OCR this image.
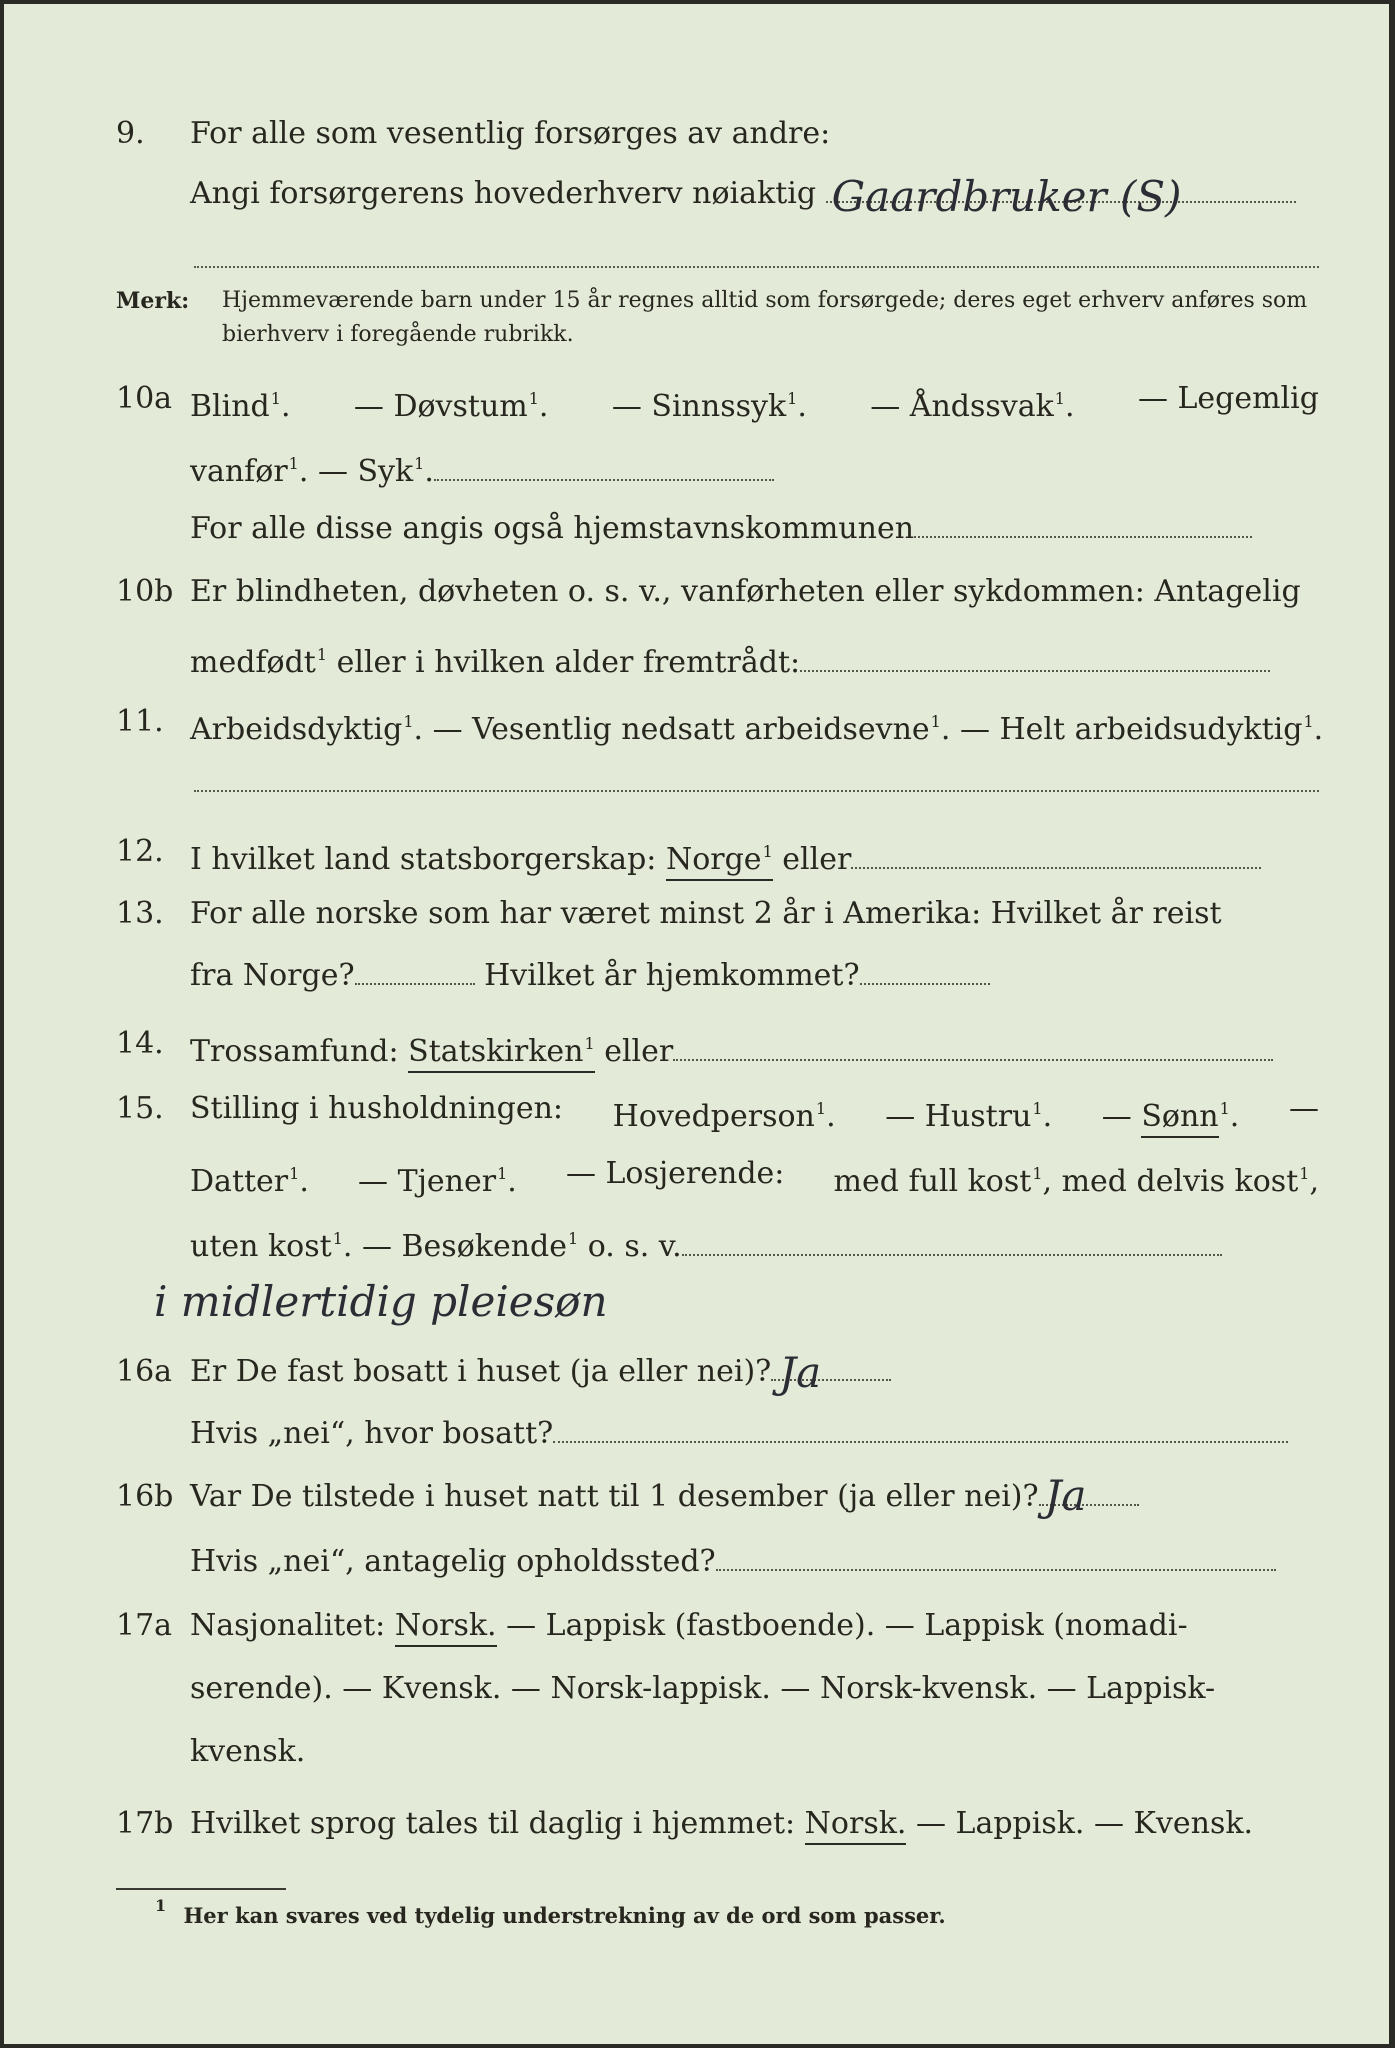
9. For alle som vesentlig forsørges av andre:
Angi forsørgerens hovederhverv nøiaktig Gaardbruker (S)
Merk: Hjemmeværende barn under 15 år regnes alltid som forsørgede; deres eget erhverv anføres som bierhverv i foregående rubrikk.
10a Blind$^1$. — Døvstum$^1$. — Sinnssyk$^1$. — Åndssvak$^1$. — Legemlig
vanfør$^1$. — Syk$^1$.
For alle disse angis også hjemstavnskommunen
10b Er blindheten, døvheten o. s. v., vanførheten eller sykdommen: Antagelig
medfødt$^1$ eller i hvilken alder fremtrådt:
11. Arbeidsdyktig$^1$. — Vesentlig nedsatt arbeidsevne$^1$. — Helt arbeidsudyktig$^1$.
12. I hvilket land statsborgerskap: Norge$^1$ eller
13. For alle norske som har været minst 2 år i Amerika: Hvilket år reist
fra Norge?	Hvilket år hjemkommet?
14. Trossamfund: Statskirken$^1$ eller
15. Stilling i husholdningen: Hovedperson$^1$. — Hustru$^1$. — Sønn$^1$. —
Datter$^1$. — Tjener$^1$. — Losjerende: med full kost$^1$, med delvis kost$^1$,
uten kost$^1$. — Besøkende$^1$ o. s. v.
i midlertidig pleiesøn
16a Er De fast bosatt i huset (ja eller nei)? Ja
Hvis „nei“, hvor bosatt?
16b Var De tilstede i huset natt til 1 desember (ja eller nei)? Ja
Hvis „nei“, antagelig opholdssted?
17a Nasjonalitet: Norsk. — Lappisk (fastboende). — Lappisk (nomadi-
serende). — Kvensk. — Norsk-lappisk. — Norsk-kvensk. — Lappisk-
kvensk.
17b Hvilket sprog tales til daglig i hjemmet: Norsk. — Lappisk. — Kvensk.
$^1$ Her kan svares ved tydelig understrekning av de ord som passer.
